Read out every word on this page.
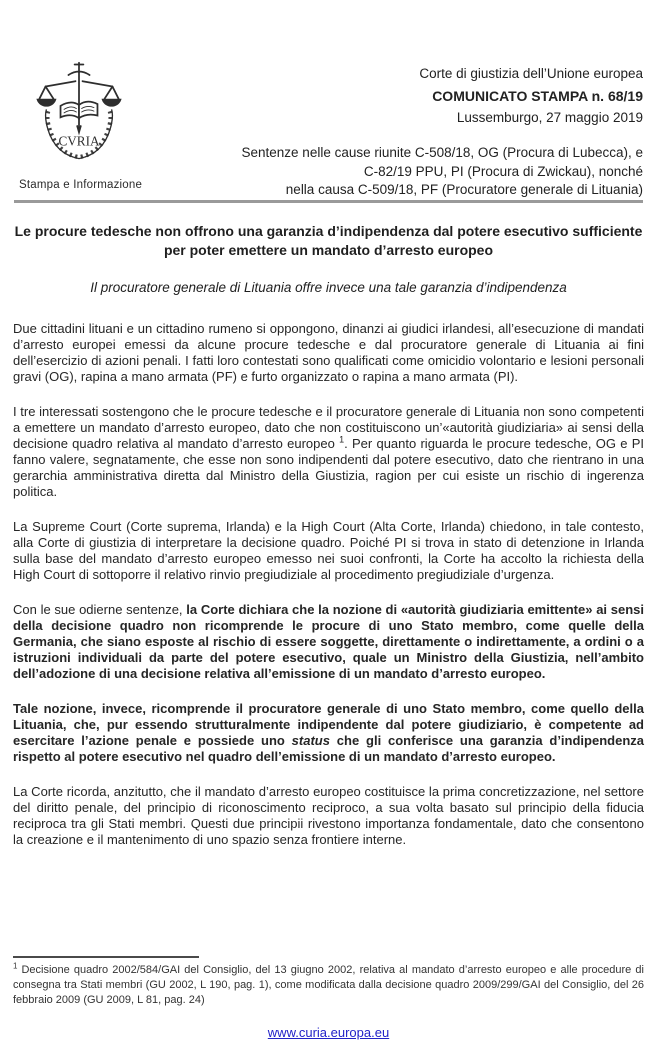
CVRIA
Stampa e Informazione
Corte di giustizia dell’Unione europea
COMUNICATO STAMPA n. 68/19
Lussemburgo, 27 maggio 2019
Sentenze nelle cause riunite C-508/18, OG (Procura di Lubecca), e
C-82/19 PPU, PI (Procura di Zwickau), nonché
nella causa C-509/18, PF (Procuratore generale di Lituania)
Le procure tedesche non offrono una garanzia d’indipendenza dal potere esecutivo sufficiente per poter emettere un mandato d’arresto europeo
Il procuratore generale di Lituania offre invece una tale garanzia d’indipendenza

Due cittadini lituani e un cittadino rumeno si oppongono, dinanzi ai giudici irlandesi, all’esecuzione di mandati d’arresto europei emessi da alcune procure tedesche e dal procuratore generale di Lituania ai fini dell’esercizio di azioni penali. I fatti loro contestati sono qualificati come omicidio volontario e lesioni personali gravi (OG), rapina a mano armata (PF) e furto organizzato o rapina a mano armata (PI).

I tre interessati sostengono che le procure tedesche e il procuratore generale di Lituania non sono competenti a emettere un mandato d’arresto europeo, dato che non costituiscono un’«autorità giudiziaria» ai sensi della decisione quadro relativa al mandato d’arresto europeo $^1$. Per quanto riguarda le procure tedesche, OG e PI fanno valere, segnatamente, che esse non sono indipendenti dal potere esecutivo, dato che rientrano in una gerarchia amministrativa diretta dal Ministro della Giustizia, ragion per cui esiste un rischio di ingerenza politica.

La Supreme Court (Corte suprema, Irlanda) e la High Court (Alta Corte, Irlanda) chiedono, in tale contesto, alla Corte di giustizia di interpretare la decisione quadro. Poiché PI si trova in stato di detenzione in Irlanda sulla base del mandato d’arresto europeo emesso nei suoi confronti, la Corte ha accolto la richiesta della High Court di sottoporre il relativo rinvio pregiudiziale al procedimento pregiudiziale d’urgenza.

Con le sue odierne sentenze, la Corte dichiara che la nozione di «autorità giudiziaria emittente» ai sensi della decisione quadro non ricomprende le procure di uno Stato membro, come quelle della Germania, che siano esposte al rischio di essere soggette, direttamente o indirettamente, a ordini o a istruzioni individuali da parte del potere esecutivo, quale un Ministro della Giustizia, nell’ambito dell’adozione di una decisione relativa all’emissione di un mandato d’arresto europeo.

Tale nozione, invece, ricomprende il procuratore generale di uno Stato membro, come quello della Lituania, che, pur essendo strutturalmente indipendente dal potere giudiziario, è competente ad esercitare l’azione penale e possiede uno status che gli conferisce una garanzia d’indipendenza rispetto al potere esecutivo nel quadro dell’emissione di un mandato d’arresto europeo.

La Corte ricorda, anzitutto, che il mandato d’arresto europeo costituisce la prima concretizzazione, nel settore del diritto penale, del principio di riconoscimento reciproco, a sua volta basato sul principio della fiducia reciproca tra gli Stati membri. Questi due principii rivestono importanza fondamentale, dato che consentono la creazione e il mantenimento di uno spazio senza frontiere interne.

$^1$ Decisione quadro 2002/584/GAI del Consiglio, del 13 giugno 2002, relativa al mandato d’arresto europeo e alle procedure di consegna tra Stati membri (GU 2002, L 190, pag. 1), come modificata dalla decisione quadro 2009/299/GAI del Consiglio, del 26 febbraio 2009 (GU 2009, L 81, pag. 24)

www.curia.europa.eu
